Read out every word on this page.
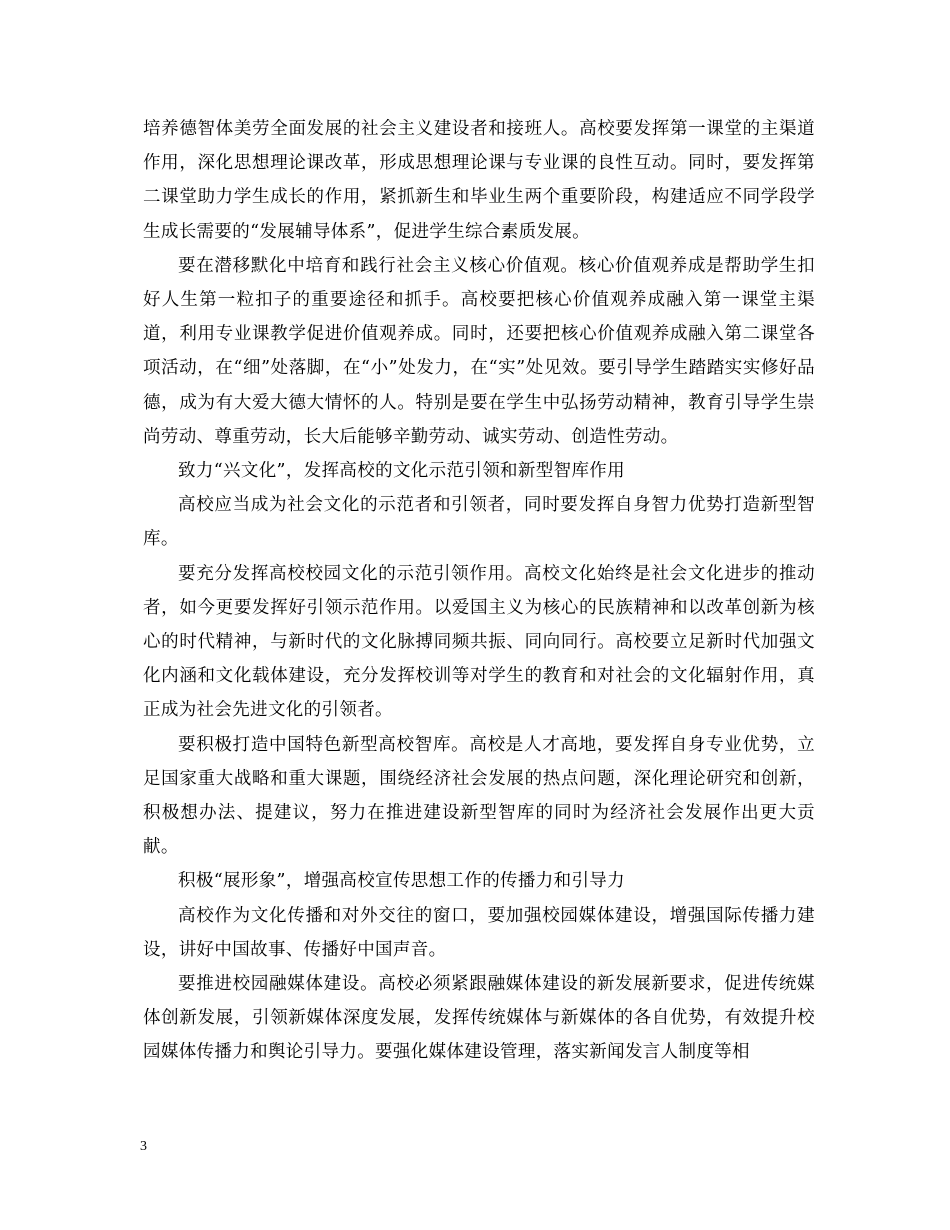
培养德智体美劳全面发展的社会主义建设者和接班人。高校要发挥第一课堂的主渠道作用，深化思想理论课改革，形成思想理论课与专业课的良性互动。同时，要发挥第二课堂助力学生成长的作用，紧抓新生和毕业生两个重要阶段，构建适应不同学段学生成长需要的“发展辅导体系”，促进学生综合素质发展。

要在潜移默化中培育和践行社会主义核心价值观。核心价值观养成是帮助学生扣好人生第一粒扣子的重要途径和抓手。高校要把核心价值观养成融入第一课堂主渠道，利用专业课教学促进价值观养成。同时，还要把核心价值观养成融入第二课堂各项活动，在“细”处落脚，在“小”处发力，在“实”处见效。要引导学生踏踏实实修好品德，成为有大爱大德大情怀的人。特别是要在学生中弘扬劳动精神，教育引导学生崇尚劳动、尊重劳动，长大后能够辛勤劳动、诚实劳动、创造性劳动。

致力“兴文化”，发挥高校的文化示范引领和新型智库作用

高校应当成为社会文化的示范者和引领者，同时要发挥自身智力优势打造新型智库。

要充分发挥高校校园文化的示范引领作用。高校文化始终是社会文化进步的推动者，如今更要发挥好引领示范作用。以爱国主义为核心的民族精神和以改革创新为核心的时代精神，与新时代的文化脉搏同频共振、同向同行。高校要立足新时代加强文化内涵和文化载体建设，充分发挥校训等对学生的教育和对社会的文化辐射作用，真正成为社会先进文化的引领者。

要积极打造中国特色新型高校智库。高校是人才高地，要发挥自身专业优势，立足国家重大战略和重大课题，围绕经济社会发展的热点问题，深化理论研究和创新，积极想办法、提建议，努力在推进建设新型智库的同时为经济社会发展作出更大贡献。

积极“展形象”，增强高校宣传思想工作的传播力和引导力

高校作为文化传播和对外交往的窗口，要加强校园媒体建设，增强国际传播力建设，讲好中国故事、传播好中国声音。

要推进校园融媒体建设。高校必须紧跟融媒体建设的新发展新要求，促进传统媒体创新发展，引领新媒体深度发展，发挥传统媒体与新媒体的各自优势，有效提升校园媒体传播力和舆论引导力。要强化媒体建设管理，落实新闻发言人制度等相

3
